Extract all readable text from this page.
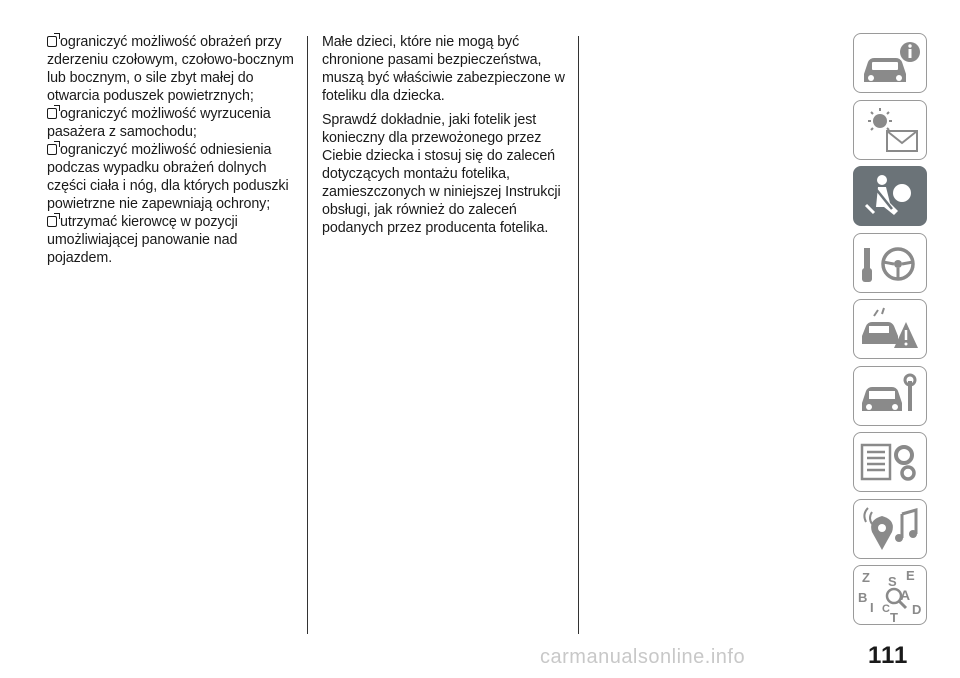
ograniczyć możliwość obrażeń przy
zderzeniu czołowym, czołowo-bocznym lub bocznym, o sile zbyt małej do otwarcia poduszek powietrznych;

ograniczyć możliwość wyrzucenia
pasażera z samochodu;

ograniczyć możliwość odniesienia
podczas wypadku obrażeń dolnych części ciała i nóg, dla których poduszki powietrzne nie zapewniają ochrony;

utrzymać kierowcę w pozycji
umożliwiającej panowanie nad pojazdem.

Małe dzieci, które nie mogą być chronione pasami bezpieczeństwa, muszą być właściwie zabezpieczone w foteliku dla dziecka.

Sprawdź dokładnie, jaki fotelik jest konieczny dla przewożonego przez Ciebie dziecka i stosuj się do zaleceń dotyczących montażu fotelika, zamieszczonych w niniejszej Instrukcji obsługi, jak również do zaleceń podanych przez producenta fotelika.

Z	E
B
S
A
I C
T
D
carmanualsonline.info	111
